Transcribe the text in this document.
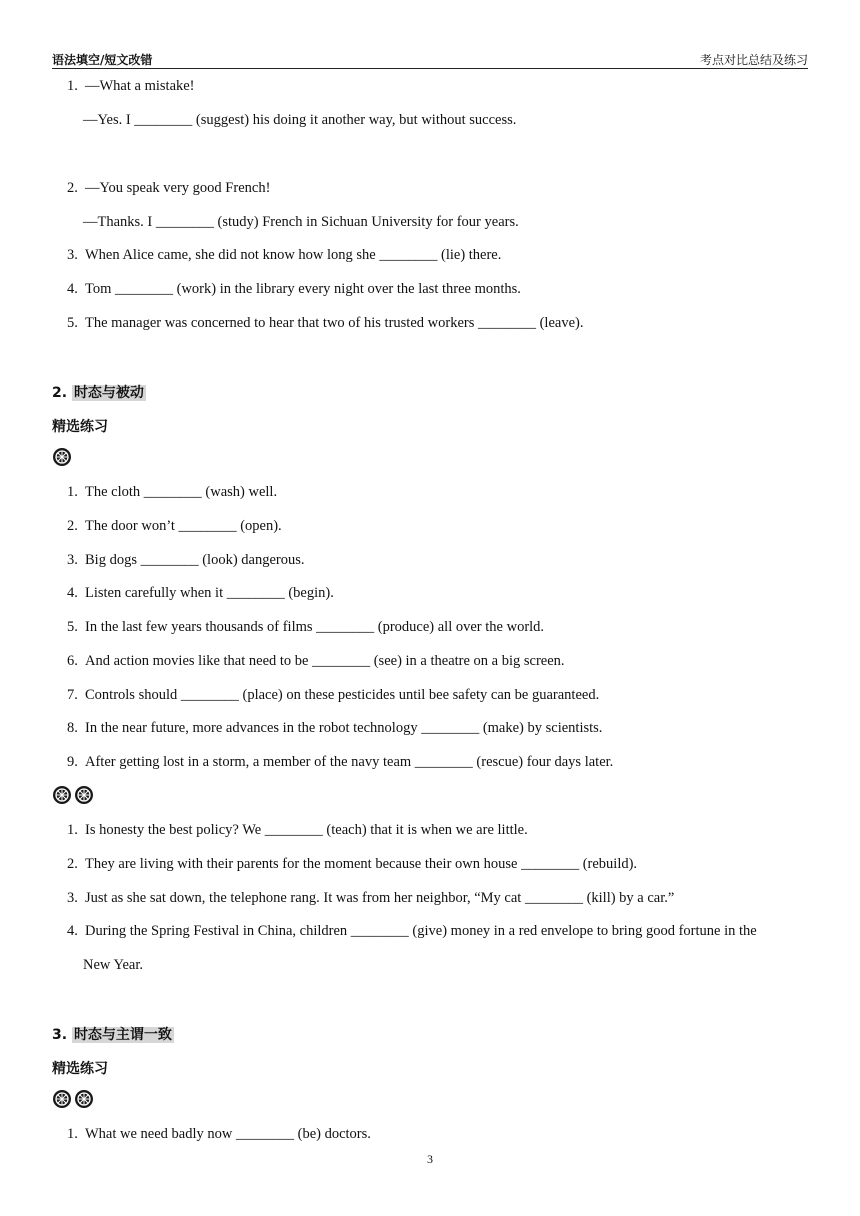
语法填空/短文改错	考点对比总结及练习
1. —What a mistake!
—Yes. I ________ (suggest) his doing it another way, but without success.
2. —You speak very good French!
—Thanks. I ________ (study) French in Sichuan University for four years.
3. When Alice came, she did not know how long she ________ (lie) there.
4. Tom ________ (work) in the library every night over the last three months.
5. The manager was concerned to hear that two of his trusted workers ________ (leave).
2. 时态与被动
精选练习
1. The cloth ________ (wash) well.
2. The door won’t ________ (open).
3. Big dogs ________ (look) dangerous.
4. Listen carefully when it ________ (begin).
5. In the last few years thousands of films ________ (produce) all over the world.
6. And action movies like that need to be ________ (see) in a theatre on a big screen.
7. Controls should ________ (place) on these pesticides until bee safety can be guaranteed.
8. In the near future, more advances in the robot technology ________ (make) by scientists.
9. After getting lost in a storm, a member of the navy team ________ (rescue) four days later.
1. Is honesty the best policy? We ________ (teach) that it is when we are little.
2. They are living with their parents for the moment because their own house ________ (rebuild).
3. Just as she sat down, the telephone rang. It was from her neighbor, “My cat ________ (kill) by a car.”
4. During the Spring Festival in China, children ________ (give) money in a red envelope to bring good fortune in the
New Year.
3. 时态与主谓一致
精选练习
1. What we need badly now ________ (be) doctors.
3
